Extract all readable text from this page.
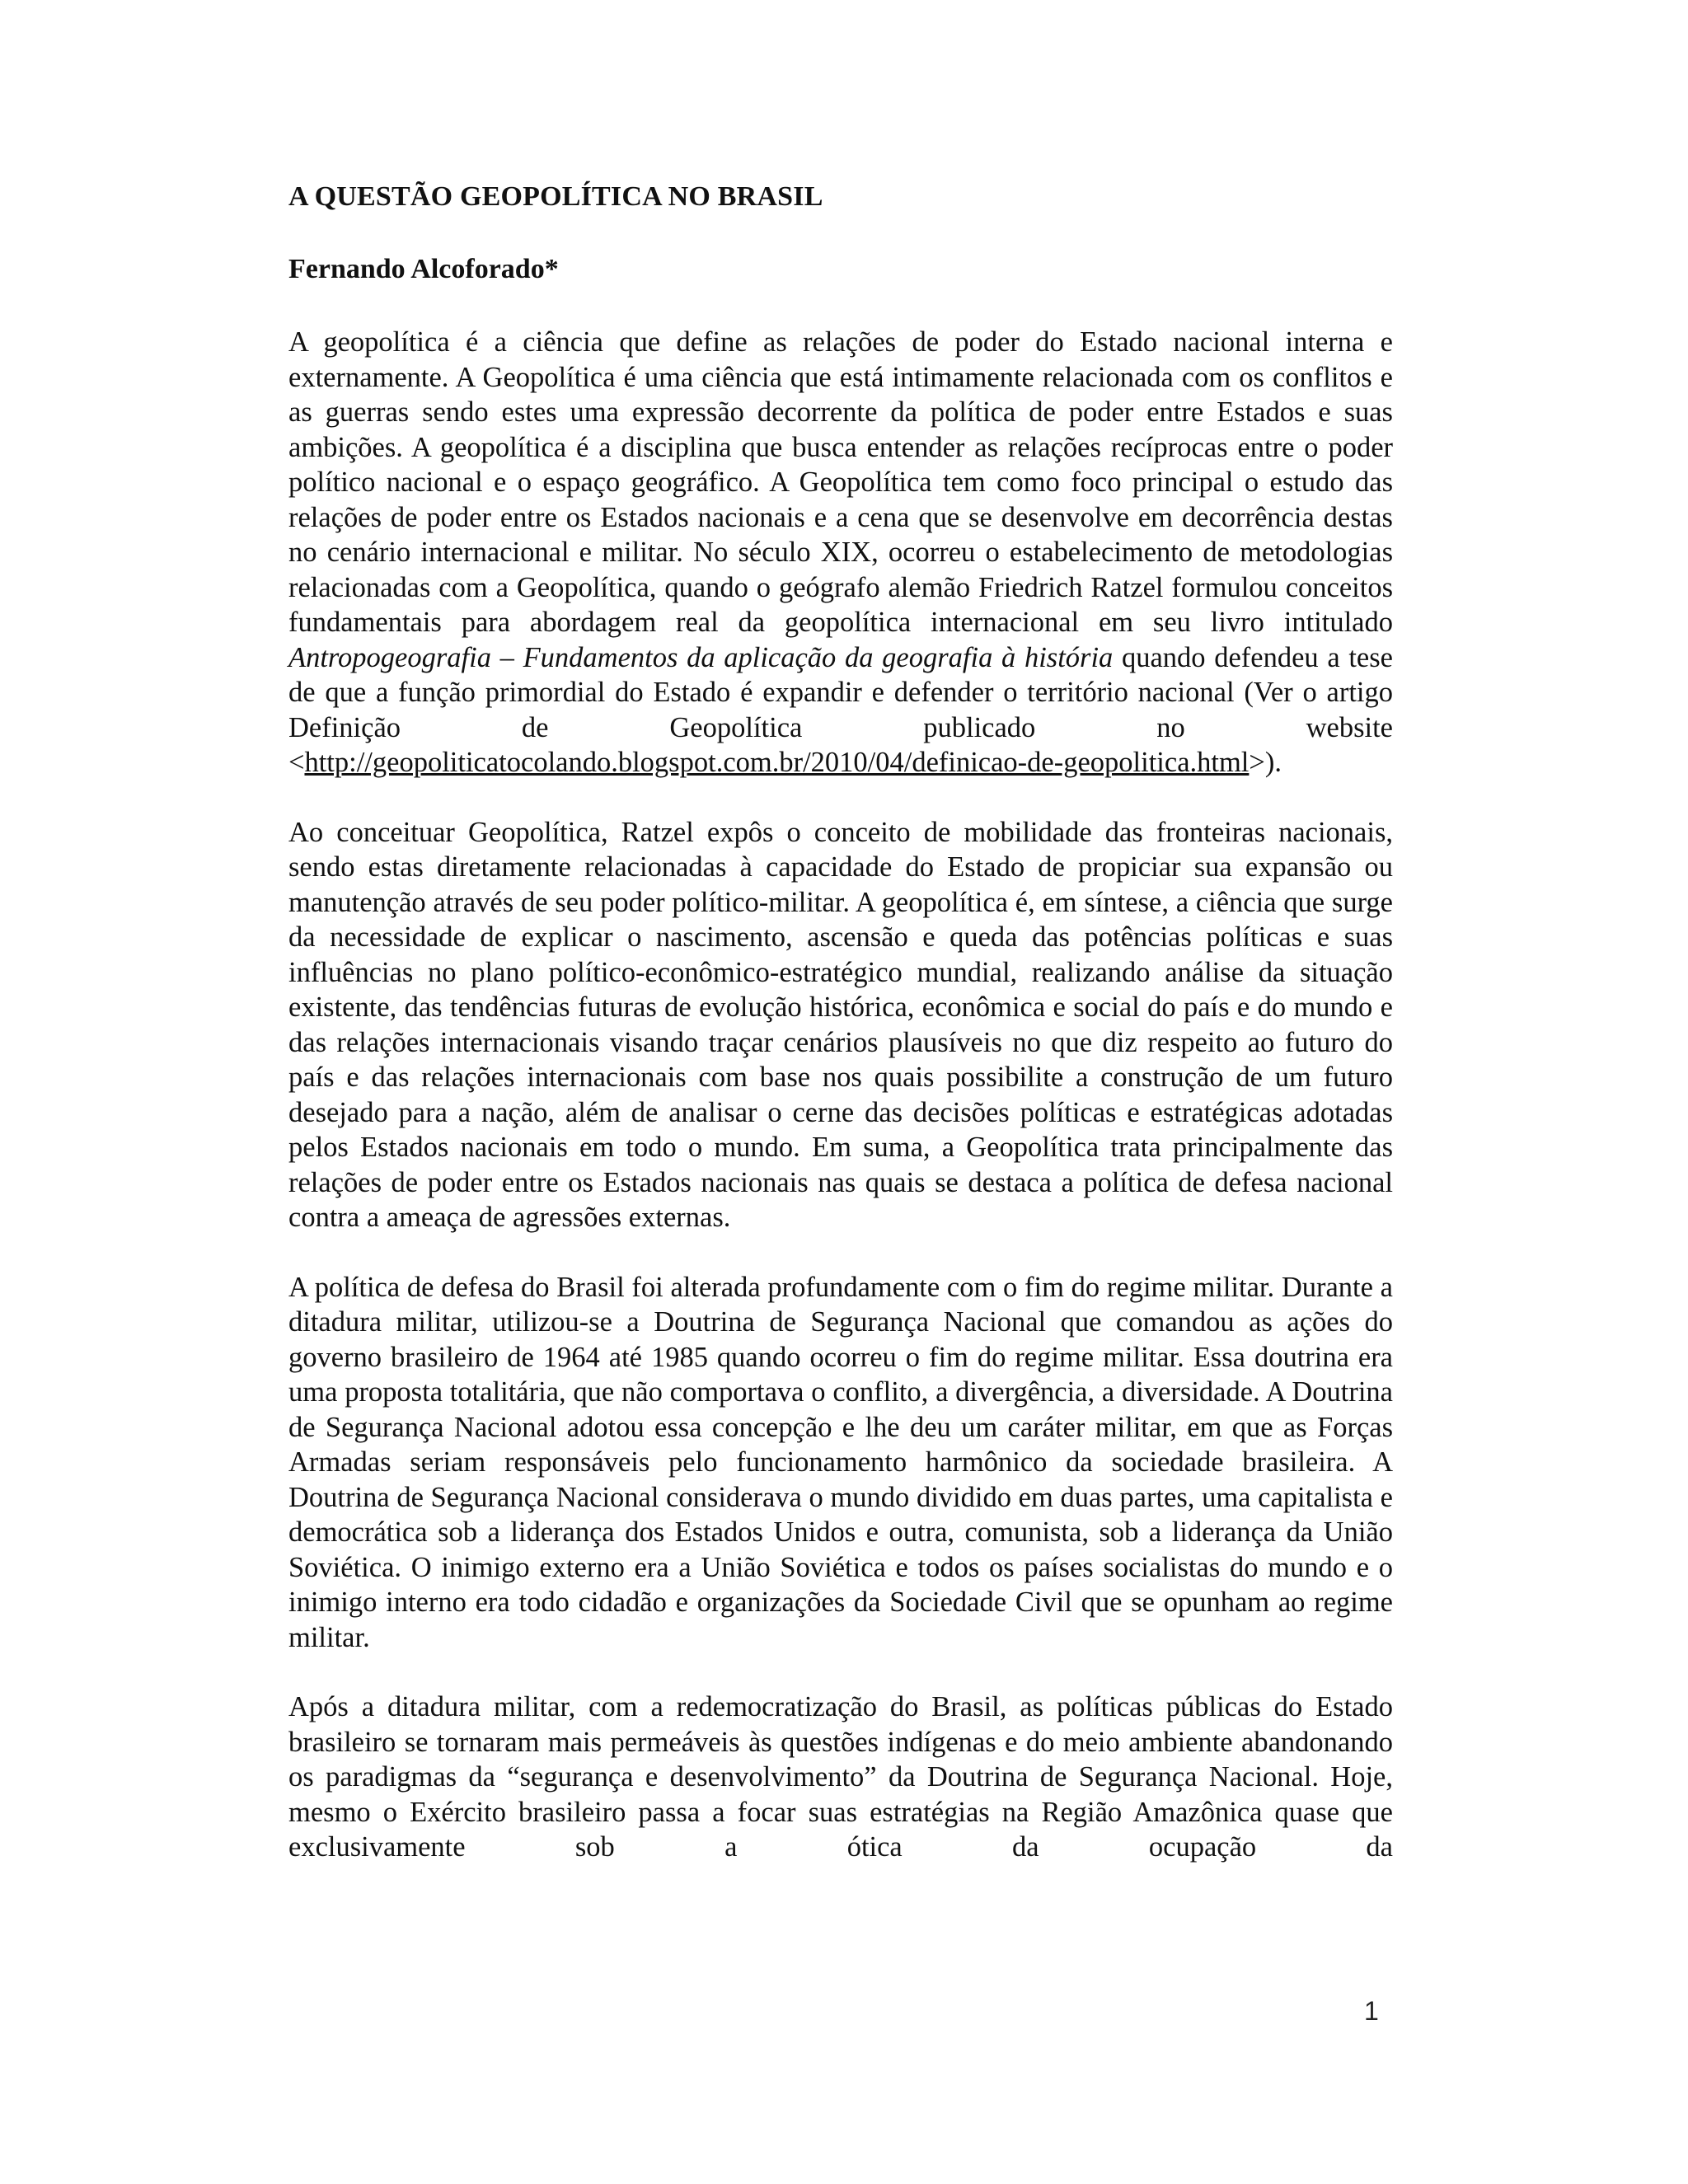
A QUESTÃO GEOPOLÍTICA NO BRASIL
Fernando Alcoforado*

A geopolítica é a ciência que define as relações de poder do Estado nacional interna e externamente. A Geopolítica é uma ciência que está intimamente relacionada com os conflitos e as guerras sendo estes uma expressão decorrente da política de poder entre Estados e suas ambições. A geopolítica é a disciplina que busca entender as relações recíprocas entre o poder político nacional e o espaço geográfico. A Geopolítica tem como foco principal o estudo das relações de poder entre os Estados nacionais e a cena que se desenvolve em decorrência destas no cenário internacional e militar. No século XIX, ocorreu o estabelecimento de metodologias relacionadas com a Geopolítica, quando o geógrafo alemão Friedrich Ratzel formulou conceitos fundamentais para abordagem real da geopolítica internacional em seu livro intitulado Antropogeografia – Fundamentos da aplicação da geografia à história quando defendeu a tese de que a função primordial do Estado é expandir e defender o território nacional (Ver o artigo Definição de Geopolítica publicado no website <http://geopoliticatocolando.blogspot.com.br/2010/04/definicao-de-geopolitica.html>).

Ao conceituar Geopolítica, Ratzel expôs o conceito de mobilidade das fronteiras nacionais, sendo estas diretamente relacionadas à capacidade do Estado de propiciar sua expansão ou manutenção através de seu poder político-militar. A geopolítica é, em síntese, a ciência que surge da necessidade de explicar o nascimento, ascensão e queda das potências políticas e suas influências no plano político-econômico-estratégico mundial, realizando análise da situação existente, das tendências futuras de evolução histórica, econômica e social do país e do mundo e das relações internacionais visando traçar cenários plausíveis no que diz respeito ao futuro do país e das relações internacionais com base nos quais possibilite a construção de um futuro desejado para a nação, além de analisar o cerne das decisões políticas e estratégicas adotadas pelos Estados nacionais em todo o mundo. Em suma, a Geopolítica trata principalmente das relações de poder entre os Estados nacionais nas quais se destaca a política de defesa nacional contra a ameaça de agressões externas.

A política de defesa do Brasil foi alterada profundamente com o fim do regime militar. Durante a ditadura militar, utilizou-se a Doutrina de Segurança Nacional que comandou as ações do governo brasileiro de 1964 até 1985 quando ocorreu o fim do regime militar. Essa doutrina era uma proposta totalitária, que não comportava o conflito, a divergência, a diversidade. A Doutrina de Segurança Nacional adotou essa concepção e lhe deu um caráter militar, em que as Forças Armadas seriam responsáveis pelo funcionamento harmônico da sociedade brasileira. A Doutrina de Segurança Nacional considerava o mundo dividido em duas partes, uma capitalista e democrática sob a liderança dos Estados Unidos e outra, comunista, sob a liderança da União Soviética. O inimigo externo era a União Soviética e todos os países socialistas do mundo e o inimigo interno era todo cidadão e organizações da Sociedade Civil que se opunham ao regime militar.

Após a ditadura militar, com a redemocratização do Brasil, as políticas públicas do Estado brasileiro se tornaram mais permeáveis às questões indígenas e do meio ambiente abandonando os paradigmas da “segurança e desenvolvimento” da Doutrina de Segurança Nacional. Hoje, mesmo o Exército brasileiro passa a focar suas estratégias na Região Amazônica quase que exclusivamente sob a ótica da ocupação da

1
